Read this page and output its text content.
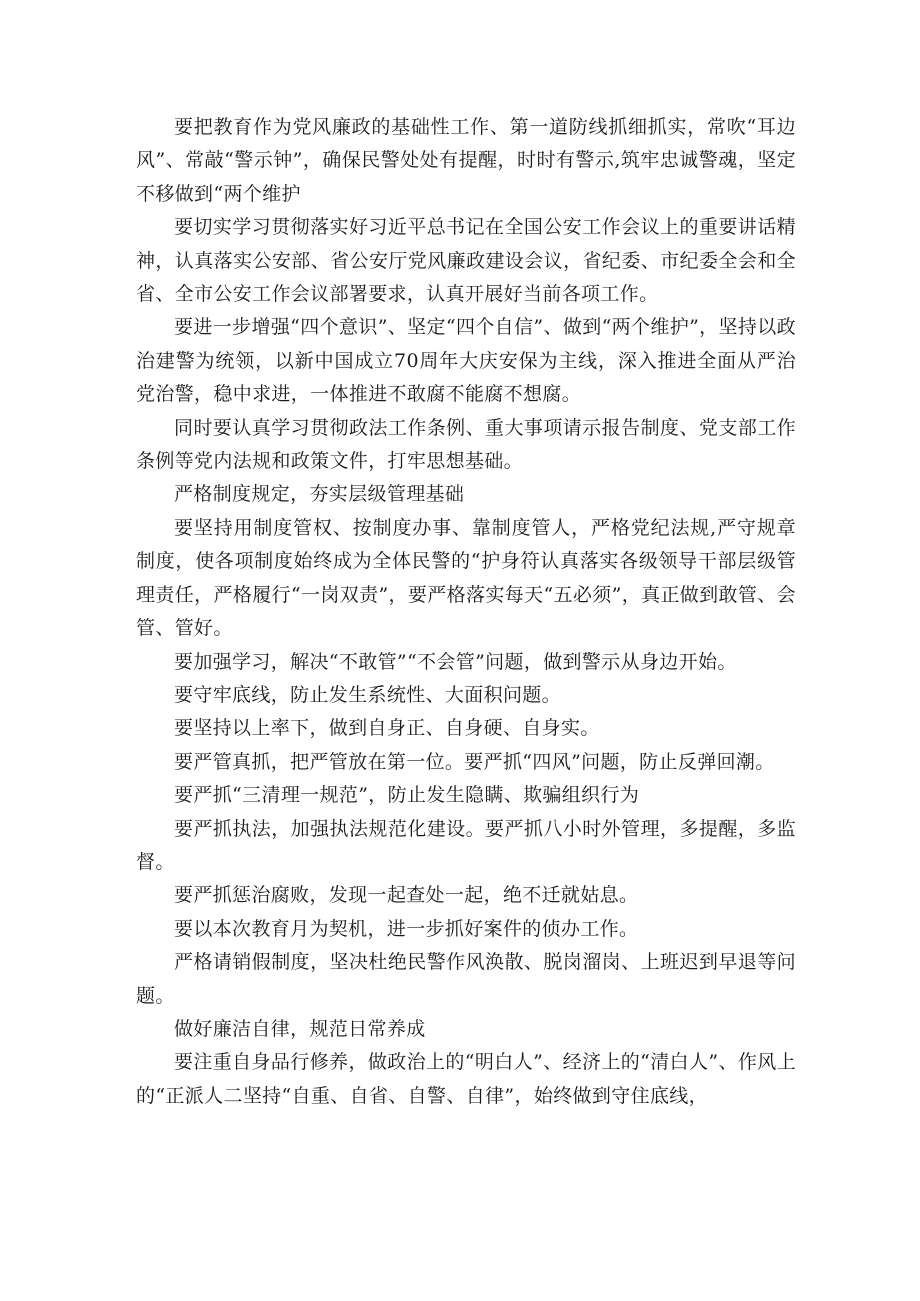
要把教育作为党风廉政的基础性工作、第一道防线抓细抓实，常吹“耳边风”、常敲“警示钟”，确保民警处处有提醒，时时有警示,筑牢忠诚警魂，坚定不移做到“两个维护

要切实学习贯彻落实好习近平总书记在全国公安工作会议上的重要讲话精神，认真落实公安部、省公安厅党风廉政建设会议，省纪委、市纪委全会和全省、全市公安工作会议部署要求，认真开展好当前各项工作。

要进一步增强“四个意识”、坚定“四个自信”、做到“两个维护”，坚持以政治建警为统领，以新中国成立70周年大庆安保为主线，深入推进全面从严治党治警，稳中求进，一体推进不敢腐不能腐不想腐。

同时要认真学习贯彻政法工作条例、重大事项请示报告制度、党支部工作条例等党内法规和政策文件，打牢思想基础。

严格制度规定，夯实层级管理基础

要坚持用制度管权、按制度办事、靠制度管人，严格党纪法规,严守规章制度，使各项制度始终成为全体民警的“护身符认真落实各级领导干部层级管理责任，严格履行“一岗双责”，要严格落实每天“五必须”，真正做到敢管、会管、管好。

要加强学习，解决“不敢管”“不会管”问题，做到警示从身边开始。

要守牢底线，防止发生系统性、大面积问题。

要坚持以上率下，做到自身正、自身硬、自身实。

要严管真抓，把严管放在第一位。要严抓“四风”问题，防止反弹回潮。

要严抓“三清理一规范”，防止发生隐瞒、欺骗组织行为

要严抓执法，加强执法规范化建设。要严抓八小时外管理，多提醒，多监督。

要严抓惩治腐败，发现一起查处一起，绝不迁就姑息。

要以本次教育月为契机，进一步抓好案件的侦办工作。

严格请销假制度，坚决杜绝民警作风涣散、脱岗溜岗、上班迟到早退等问题。

做好廉洁自律，规范日常养成

要注重自身品行修养，做政治上的“明白人”、经济上的“清白人”、作风上的“正派人二坚持“自重、自省、自警、自律”，始终做到守住底线，
